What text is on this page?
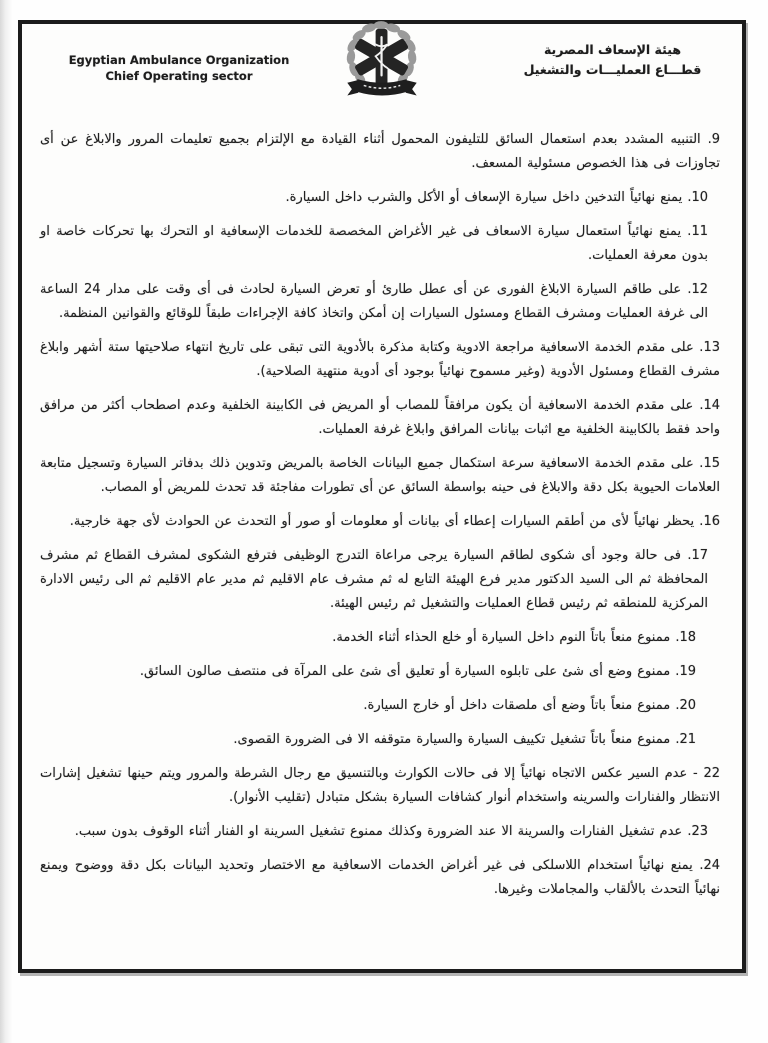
Egyptian Ambulance Organization
Chief Operating sector
هيئة الإسعاف المصرية
قطـــاع العمليـــات والتشغيل

9. التنبيه المشدد بعدم استعمال السائق للتليفون المحمول أثناء القيادة مع الإلتزام بجميع تعليمات المرور والابلاغ عن أى تجاوزات فى هذا الخصوص مسئولية المسعف.

10. يمنع نهائياً التدخين داخل سيارة الإسعاف أو الأكل والشرب داخل السيارة.

11. يمنع نهائياً استعمال سيارة الاسعاف فى غير الأغراض المخصصة للخدمات الإسعافية او التحرك بها تحركات خاصة او بدون معرفة العمليات.

12. على طاقم السيارة الابلاغ الفورى عن أى عطل طارئ أو تعرض السيارة لحادث فى أى وقت على مدار 24 الساعة الى غرفة العمليات ومشرف القطاع ومسئول السيارات إن أمكن واتخاذ كافة الإجراءات طبقاً للوقائع والقوانين المنظمة.

13. على مقدم الخدمة الاسعافية مراجعة الادوية وكتابة مذكرة بالأدوية التى تبقى على تاريخ انتهاء صلاحيتها ستة أشهر وابلاغ مشرف القطاع ومسئول الأدوية (وغير مسموح نهائياً بوجود أى أدوية منتهية الصلاحية).

14. على مقدم الخدمة الاسعافية أن يكون مرافقاً للمصاب أو المريض فى الكابينة الخلفية وعدم اصطحاب أكثر من مرافق واحد فقط بالكابينة الخلفية مع اثبات بيانات المرافق وابلاغ غرفة العمليات.

15. على مقدم الخدمة الاسعافية سرعة استكمال جميع البيانات الخاصة بالمريض وتدوين ذلك بدفاتر السيارة وتسجيل متابعة العلامات الحيوية بكل دقة والابلاغ فى حينه بواسطة السائق عن أى تطورات مفاجئة قد تحدث للمريض أو المصاب.

16. يحظر نهائياً لأى من أطقم السيارات إعطاء أى بيانات أو معلومات أو صور أو التحدث عن الحوادث لأى جهة خارجية.

17. فى حالة وجود أى شكوى لطاقم السيارة يرجى مراعاة التدرج الوظيفى فترفع الشكوى لمشرف القطاع ثم مشرف المحافظة ثم الى السيد الدكتور مدير فرع الهيئة التابع له ثم مشرف عام الاقليم ثم مدير عام الاقليم ثم الى رئيس الادارة المركزية للمنطقه ثم رئيس قطاع العمليات والتشغيل ثم رئيس الهيئة.

18. ممنوع منعاً باتاً النوم داخل السيارة أو خلع الحذاء أثناء الخدمة.

19. ممنوع وضع أى شئ على تابلوه السيارة أو تعليق أى شئ على المرآة فى منتصف صالون السائق.

20. ممنوع منعاً باتاً وضع أى ملصقات داخل أو خارج السيارة.

21. ممنوع منعاً باتاً تشغيل تكييف السيارة والسيارة متوقفه الا فى الضرورة القصوى.

22 - عدم السير عكس الاتجاه نهائياً إلا فى حالات الكوارث وبالتنسيق مع رجال الشرطة والمرور ويتم حينها تشغيل إشارات الانتظار والفنارات والسرينه واستخدام أنوار كشافات السيارة بشكل متبادل (تقليب الأنوار).

23. عدم تشغيل الفنارات والسرينة الا عند الضرورة وكذلك ممنوع تشغيل السرينة او الفنار أثناء الوقوف بدون سبب.

24. يمنع نهائياً استخدام اللاسلكى فى غير أغراض الخدمات الاسعافية مع الاختصار وتحديد البيانات بكل دقة ووضوح ويمنع نهائياً التحدث بالألقاب والمجاملات وغيرها.
